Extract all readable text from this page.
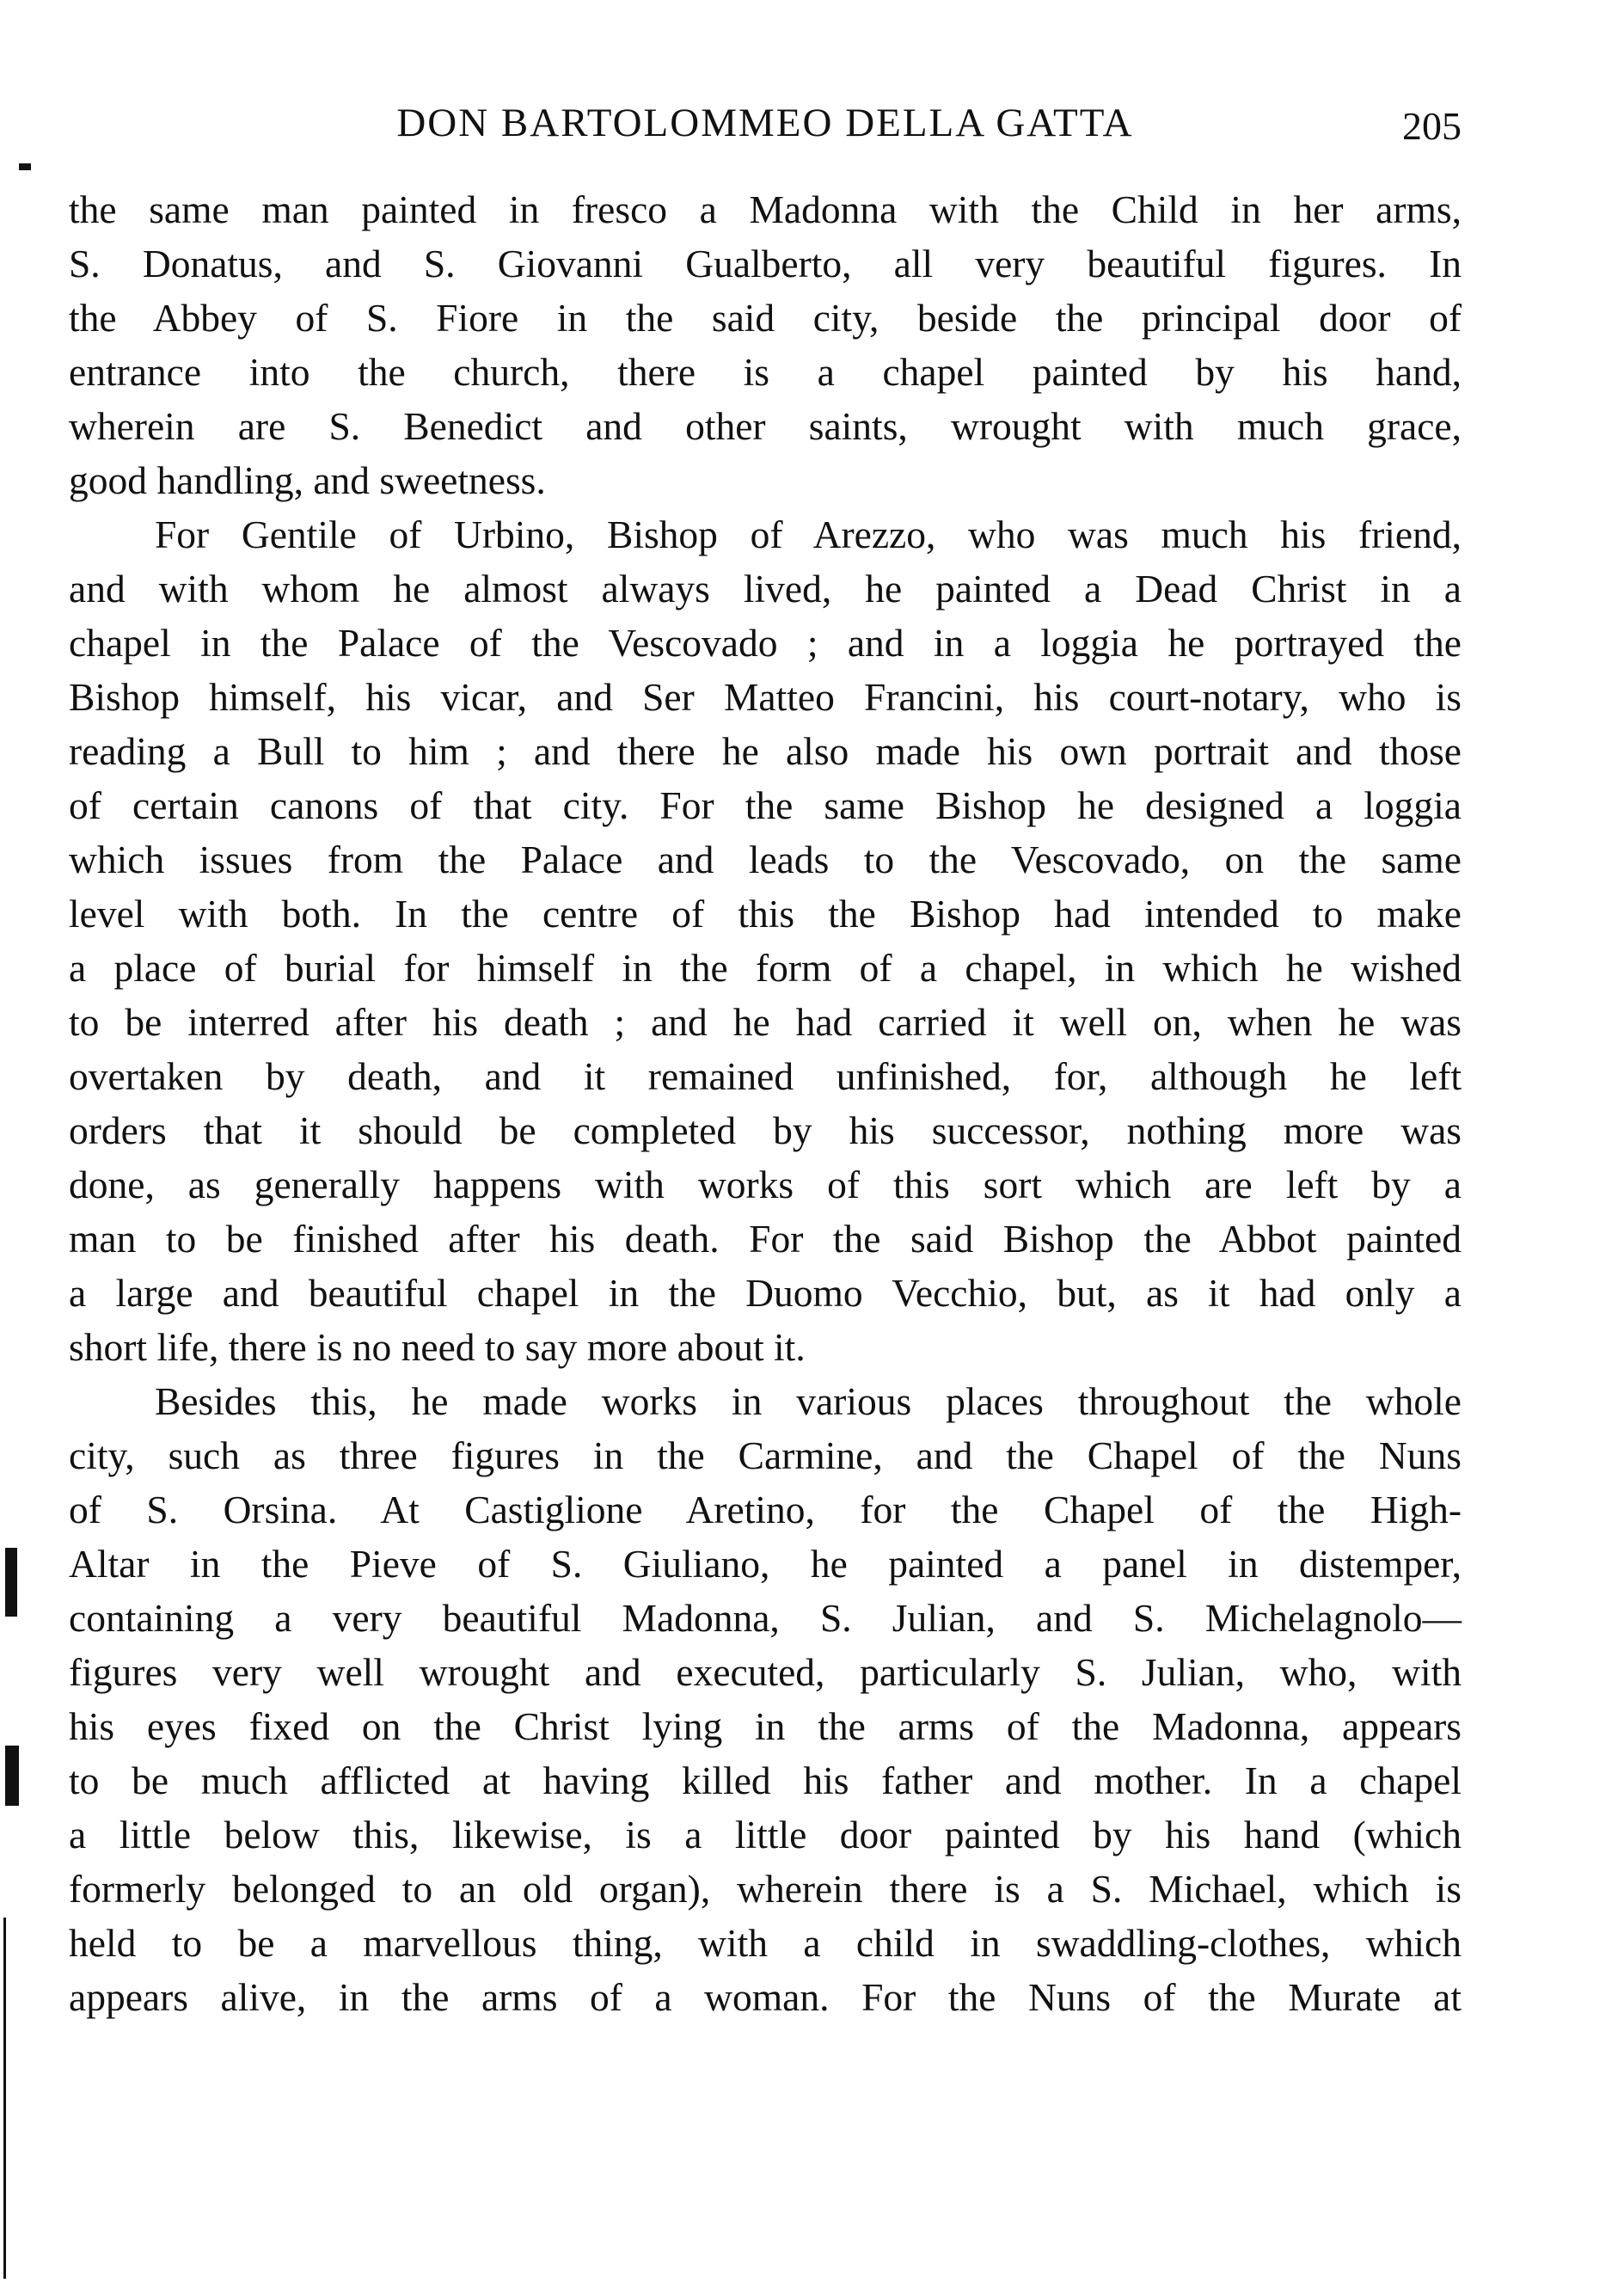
DON BARTOLOMMEO DELLA GATTA	205
the same man painted in fresco a Madonna with the Child in her arms,
S. Donatus, and S. Giovanni Gualberto, all very beautiful figures. In
the Abbey of S. Fiore in the said city, beside the principal door of
entrance into the church, there is a chapel painted by his hand,
wherein are S. Benedict and other saints, wrought with much grace,
good handling, and sweetness.
For Gentile of Urbino, Bishop of Arezzo, who was much his friend,
and with whom he almost always lived, he painted a Dead Christ in a
chapel in the Palace of the Vescovado ; and in a loggia he portrayed the
Bishop himself, his vicar, and Ser Matteo Francini, his court-notary, who is
reading a Bull to him ; and there he also made his own portrait and those
of certain canons of that city. For the same Bishop he designed a loggia
which issues from the Palace and leads to the Vescovado, on the same
level with both. In the centre of this the Bishop had intended to make
a place of burial for himself in the form of a chapel, in which he wished
to be interred after his death ; and he had carried it well on, when he was
overtaken by death, and it remained unfinished, for, although he left
orders that it should be completed by his successor, nothing more was
done, as generally happens with works of this sort which are left by a
man to be finished after his death. For the said Bishop the Abbot painted
a large and beautiful chapel in the Duomo Vecchio, but, as it had only a
short life, there is no need to say more about it.
Besides this, he made works in various places throughout the whole
city, such as three figures in the Carmine, and the Chapel of the Nuns
of S. Orsina. At Castiglione Aretino, for the Chapel of the High-
Altar in the Pieve of S. Giuliano, he painted a panel in distemper,
containing a very beautiful Madonna, S. Julian, and S. Michelagnolo—
figures very well wrought and executed, particularly S. Julian, who, with
his eyes fixed on the Christ lying in the arms of the Madonna, appears
to be much afflicted at having killed his father and mother. In a chapel
a little below this, likewise, is a little door painted by his hand (which
formerly belonged to an old organ), wherein there is a S. Michael, which is
held to be a marvellous thing, with a child in swaddling-clothes, which
appears alive, in the arms of a woman. For the Nuns of the Murate at
